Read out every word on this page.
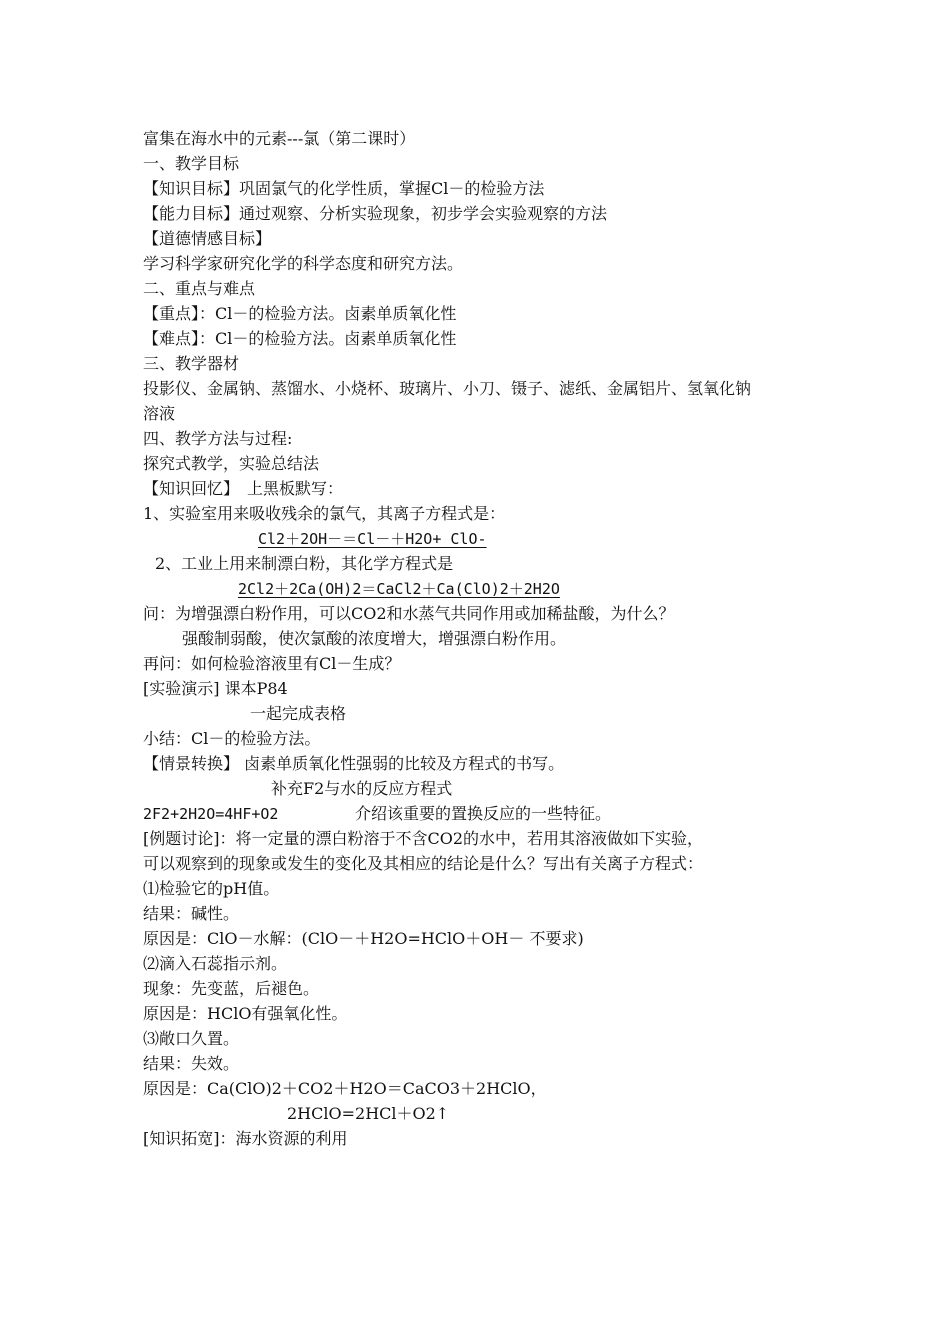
富集在海水中的元素---氯（第二课时）
一、教学目标
【知识目标】巩固氯气的化学性质，掌握Cl－的检验方法
【能力目标】通过观察、分析实验现象，初步学会实验观察的方法
【道德情感目标】
学习科学家研究化学的科学态度和研究方法。
二、重点与难点
【重点】：Cl－的检验方法。卤素单质氧化性
【难点】：Cl－的检验方法。卤素单质氧化性
三、教学器材
投影仪、金属钠、蒸馏水、小烧杯、玻璃片、小刀、镊子、滤纸、金属铝片、氢氧化钠
溶液
四、教学方法与过程:
探究式教学，实验总结法
【知识回忆】　上黑板默写：
1、实验室用来吸收残余的氯气，其离子方程式是：
Cl2＋2OH－＝Cl－＋H2O+ ClO-
2、工业上用来制漂白粉，其化学方程式是
2Cl2＋2Ca(OH)2＝CaCl2＋Ca(ClO)2＋2H2O
问：为增强漂白粉作用，可以CO2和水蒸气共同作用或加稀盐酸，为什么？
强酸制弱酸，使次氯酸的浓度增大，增强漂白粉作用。
再问：如何检验溶液里有Cl－生成？
[实验演示] 课本P84
一起完成表格
小结：Cl－的检验方法。
【情景转换】 卤素单质氧化性强弱的比较及方程式的书写。
补充F2与水的反应方程式
2F2+2H2O=4HF+O2	介绍该重要的置换反应的一些特征。
[例题讨论]：将一定量的漂白粉溶于不含CO2的水中，若用其溶液做如下实验，
可以观察到的现象或发生的变化及其相应的结论是什么？写出有关离子方程式：
⑴检验它的pH值。
结果：碱性。
原因是：ClO－水解：(ClO－＋H2O=HClO＋OH－ 不要求)
⑵滴入石蕊指示剂。
现象：先变蓝，后褪色。
原因是：HClO有强氧化性。
⑶敞口久置。
结果：失效。
原因是：Ca(ClO)2＋CO2＋H2O＝CaCO3＋2HClO，
2HClO=2HCl＋O2↑
[知识拓宽]：海水资源的利用
